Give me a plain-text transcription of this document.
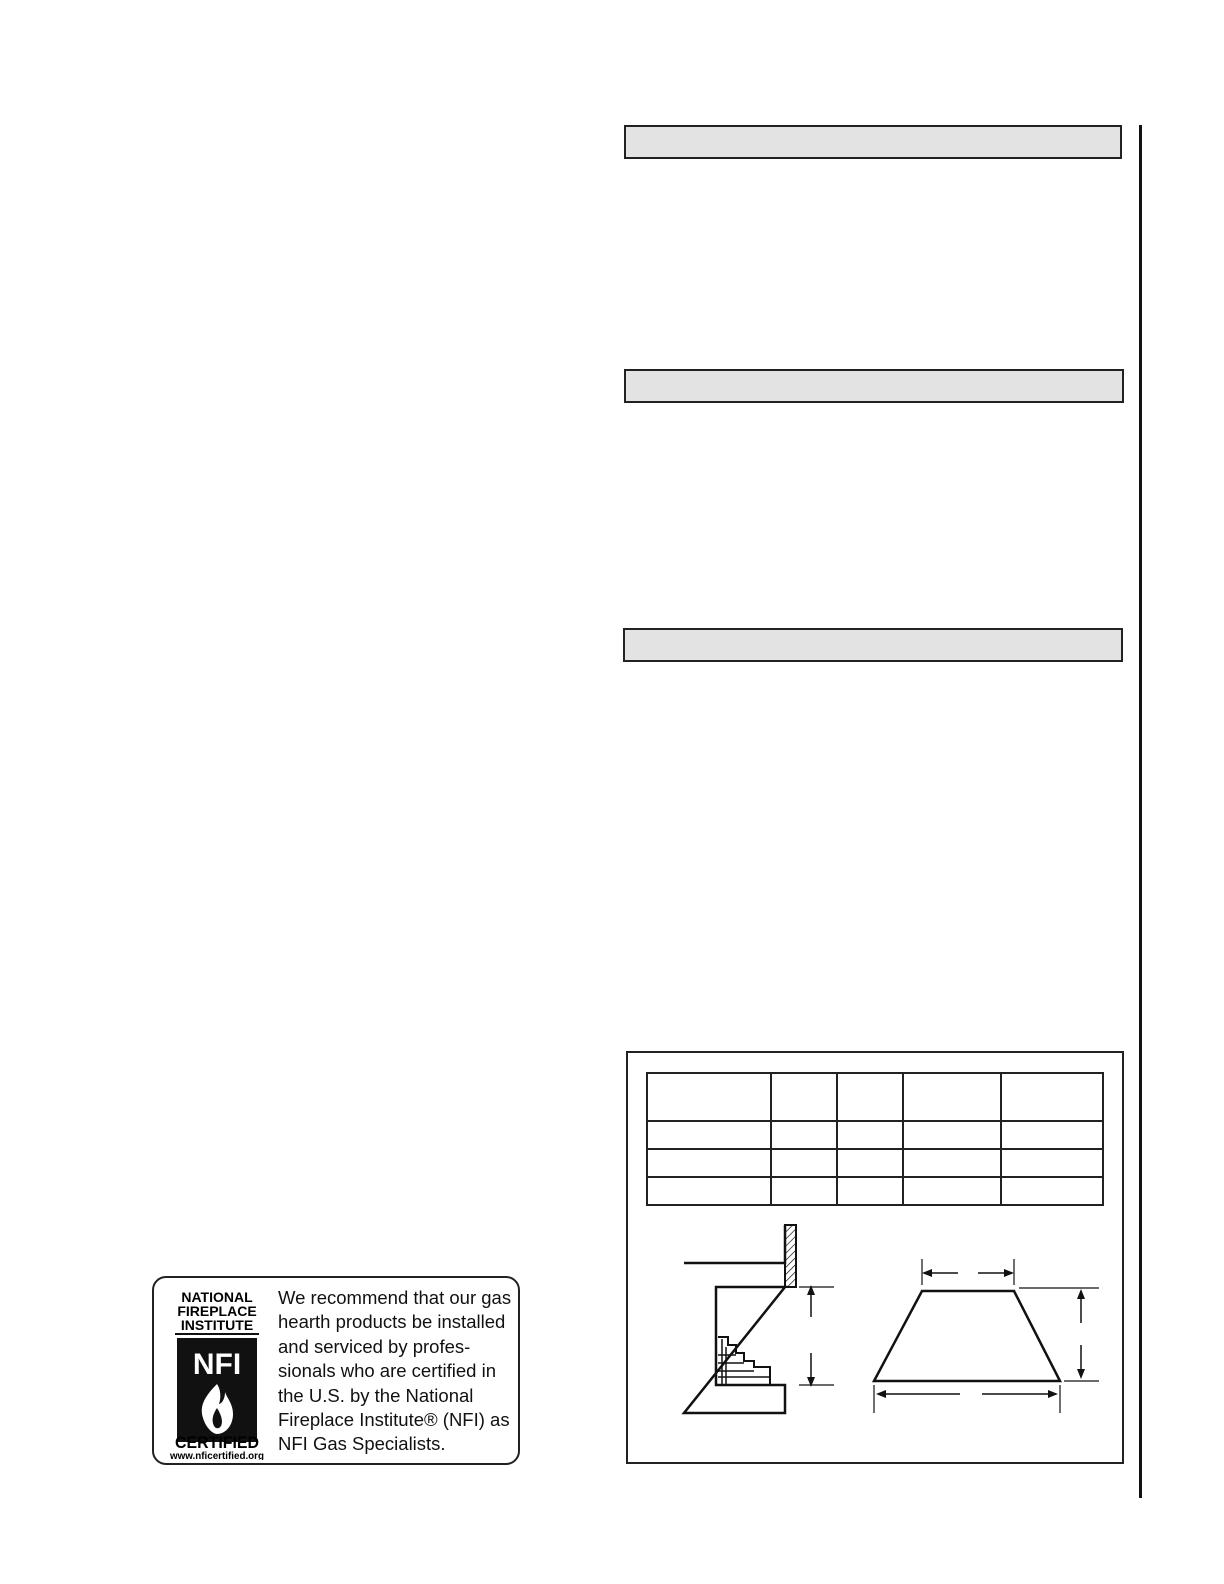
NATIONAL
FIREPLACE
INSTITUTE
NFI
CERTIFIED
www.nficertified.org
We recommend that our gas
hearth products be installed
and serviced by profes-
sionals who are certified in
the U.S. by the National
Fireplace Institute® (NFI) as
NFI Gas Specialists.
